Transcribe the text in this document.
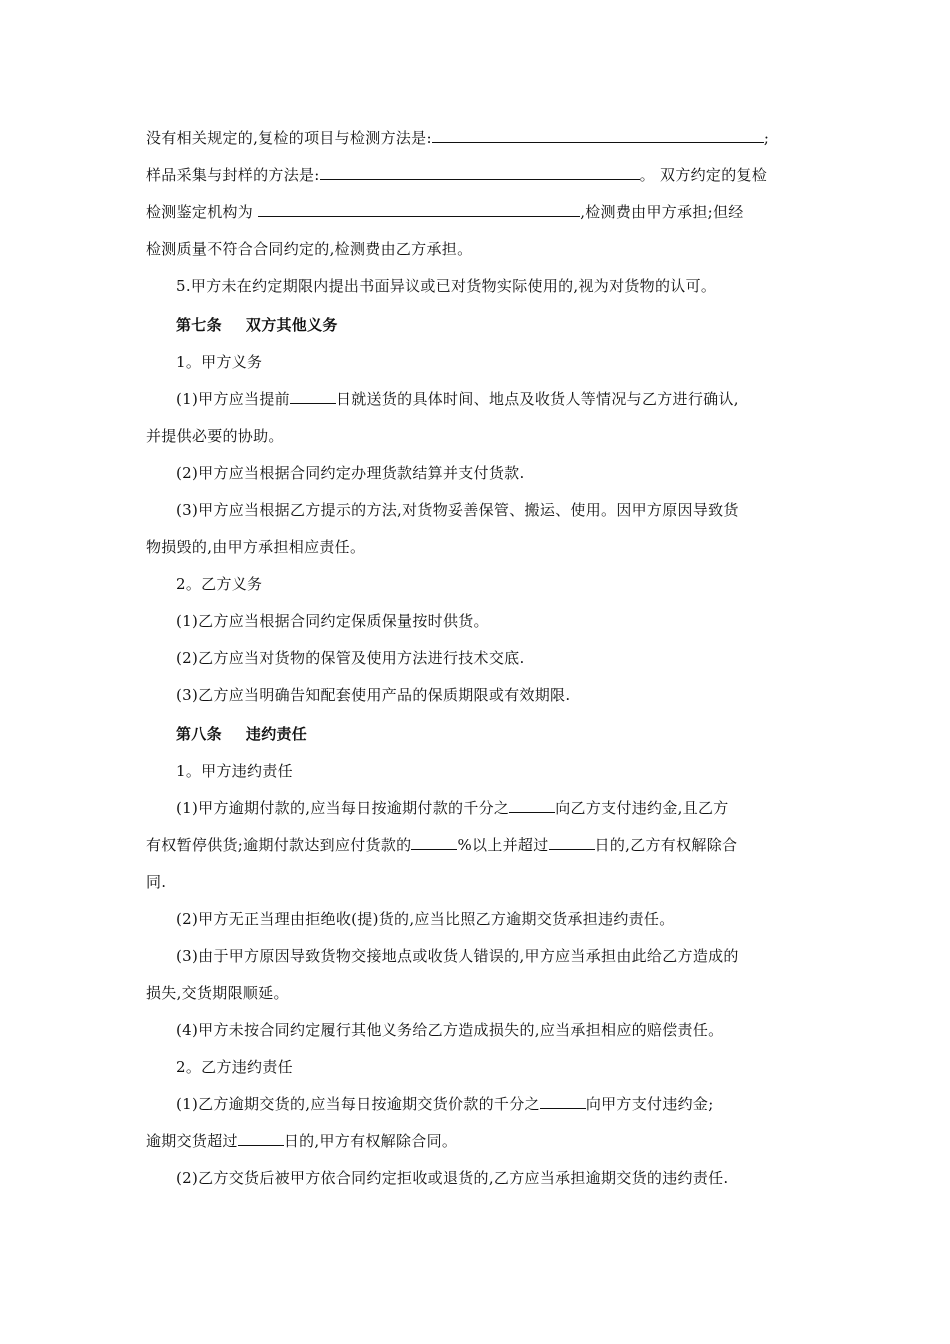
没有相关规定的,复检的项目与检测方法是:	;
样品采集与封样的方法是:	。 双方约定的复检
检测鉴定机构为	,检测费由甲方承担;但经
检测质量不符合合同约定的,检测费由乙方承担。
5.甲方未在约定期限内提出书面异议或已对货物实际使用的,视为对货物的认可。
第七条 双方其他义务
1。甲方义务
(1)甲方应当提前	日就送货的具体时间、地点及收货人等情况与乙方进行确认,
并提供必要的协助。
(2)甲方应当根据合同约定办理货款结算并支付货款.
(3)甲方应当根据乙方提示的方法,对货物妥善保管、搬运、使用。因甲方原因导致货
物损毁的,由甲方承担相应责任。
2。乙方义务
(1)乙方应当根据合同约定保质保量按时供货。
(2)乙方应当对货物的保管及使用方法进行技术交底.
(3)乙方应当明确告知配套使用产品的保质期限或有效期限.
第八条 违约责任
1。甲方违约责任
(1)甲方逾期付款的,应当每日按逾期付款的千分之	向乙方支付违约金,且乙方
有权暂停供货;逾期付款达到应付货款的	%以上并超过	日的,乙方有权解除合
同.
(2)甲方无正当理由拒绝收(提)货的,应当比照乙方逾期交货承担违约责任。
(3)由于甲方原因导致货物交接地点或收货人错误的,甲方应当承担由此给乙方造成的
损失,交货期限顺延。
(4)甲方未按合同约定履行其他义务给乙方造成损失的,应当承担相应的赔偿责任。
2。乙方违约责任
(1)乙方逾期交货的,应当每日按逾期交货价款的千分之	向甲方支付违约金;
逾期交货超过	日的,甲方有权解除合同。
(2)乙方交货后被甲方依合同约定拒收或退货的,乙方应当承担逾期交货的违约责任.
